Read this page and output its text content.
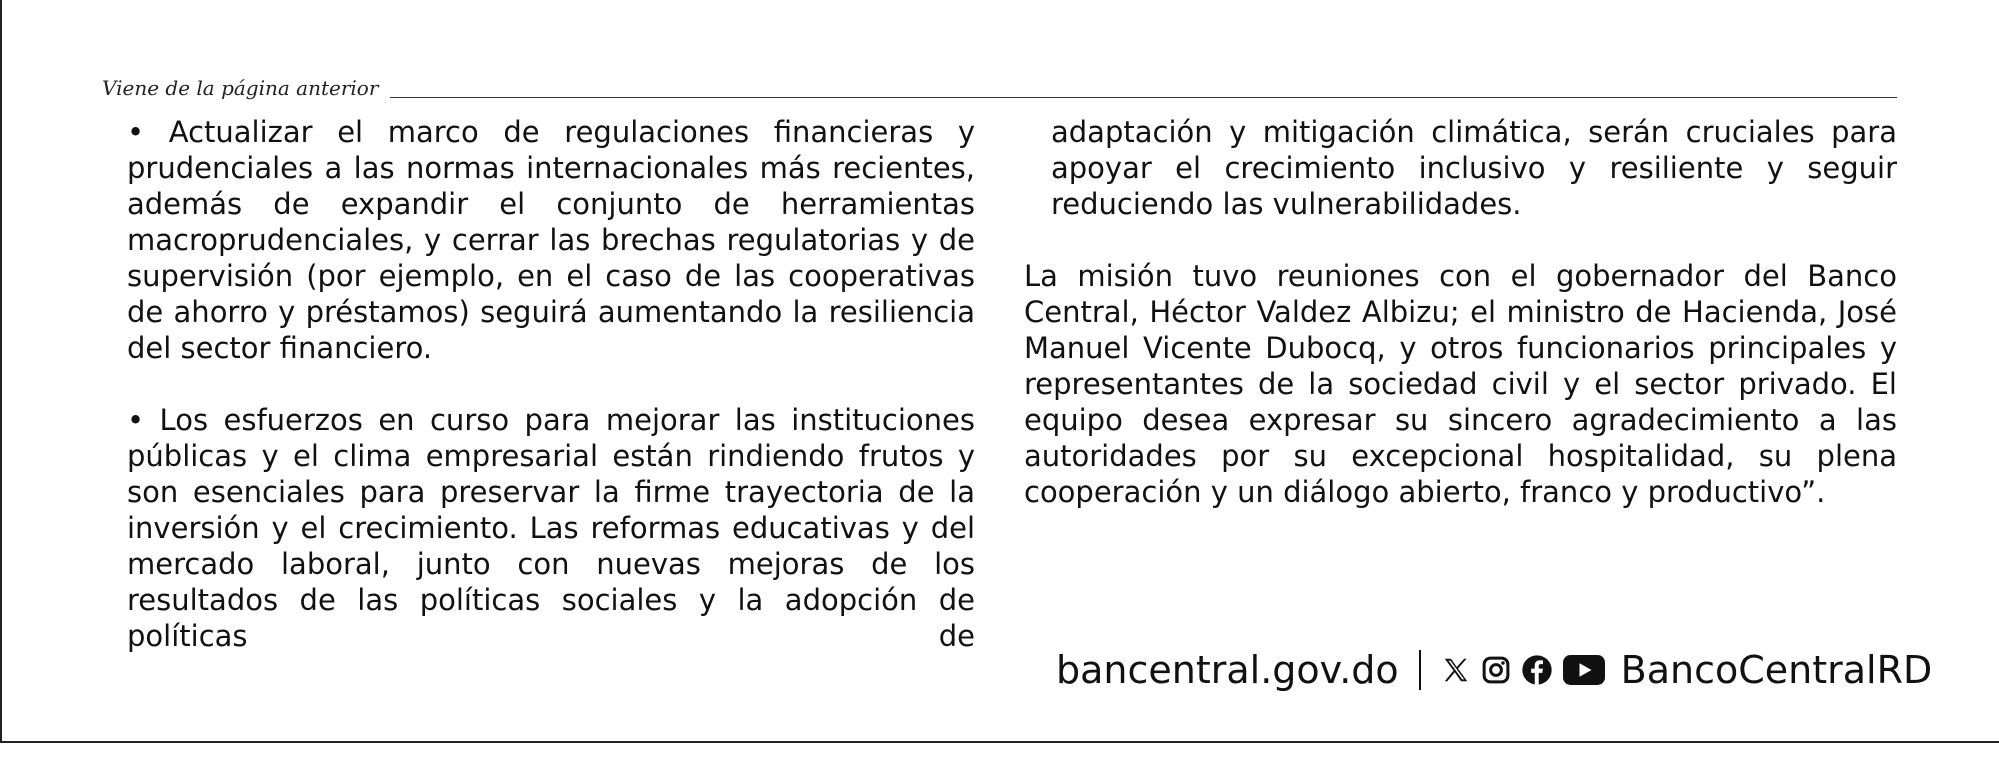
Viene de la página anterior

• Actualizar el marco de regulaciones financieras y prudenciales a las normas internacionales más recientes, además de expandir el conjunto de herramientas macroprudenciales, y cerrar las brechas regulatorias y de supervisión (por ejemplo, en el caso de las cooperativas de ahorro y préstamos) seguirá aumentando la resiliencia del sector financiero.

• Los esfuerzos en curso para mejorar las instituciones públicas y el clima empresarial están rindiendo frutos y son esenciales para preservar la firme trayectoria de la inversión y el crecimiento. Las reformas educativas y del mercado laboral, junto con nuevas mejoras de los resultados de las políticas sociales y la adopción de políticas de

adaptación y mitigación climática, serán cruciales para apoyar el crecimiento inclusivo y resiliente y seguir reduciendo las vulnerabilidades.

La misión tuvo reuniones con el gobernador del Banco Central, Héctor Valdez Albizu; el ministro de Hacienda, José Manuel Vicente Dubocq, y otros funcionarios principales y representantes de la sociedad civil y el sector privado. El equipo desea expresar su sincero agradecimiento a las autoridades por su excepcional hospitalidad, su plena cooperación y un diálogo abierto, franco y productivo”.

bancentral.gov.do	BancoCentralRD
